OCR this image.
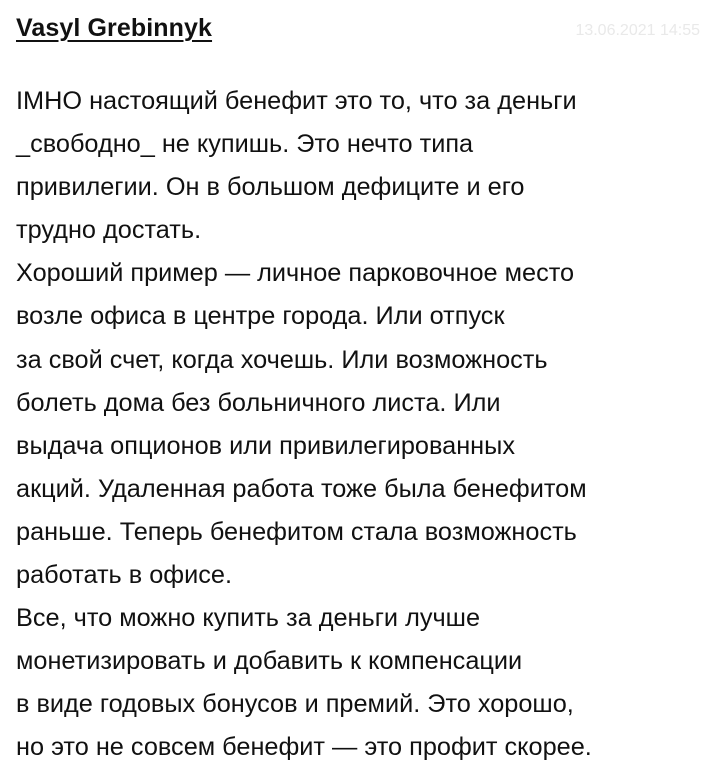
Vasyl Grebinnyk	13.06.2021 14:55
IMHO настоящий бенефит это то, что за деньги
_свободно_ не купишь. Это нечто типа
привилегии. Он в большом дефиците и его
трудно достать.
Хороший пример — личное парковочное место
возле офиса в центре города. Или отпуск
за свой счет, когда хочешь. Или возможность
болеть дома без больничного листа. Или
выдача опционов или привилегированных
акций. Удаленная работа тоже была бенефитом
раньше. Теперь бенефитом стала возможность
работать в офисе.
Все, что можно купить за деньги лучше
монетизировать и добавить к компенсации
в виде годовых бонусов и премий. Это хорошо,
но это не совсем бенефит — это профит скорее.
